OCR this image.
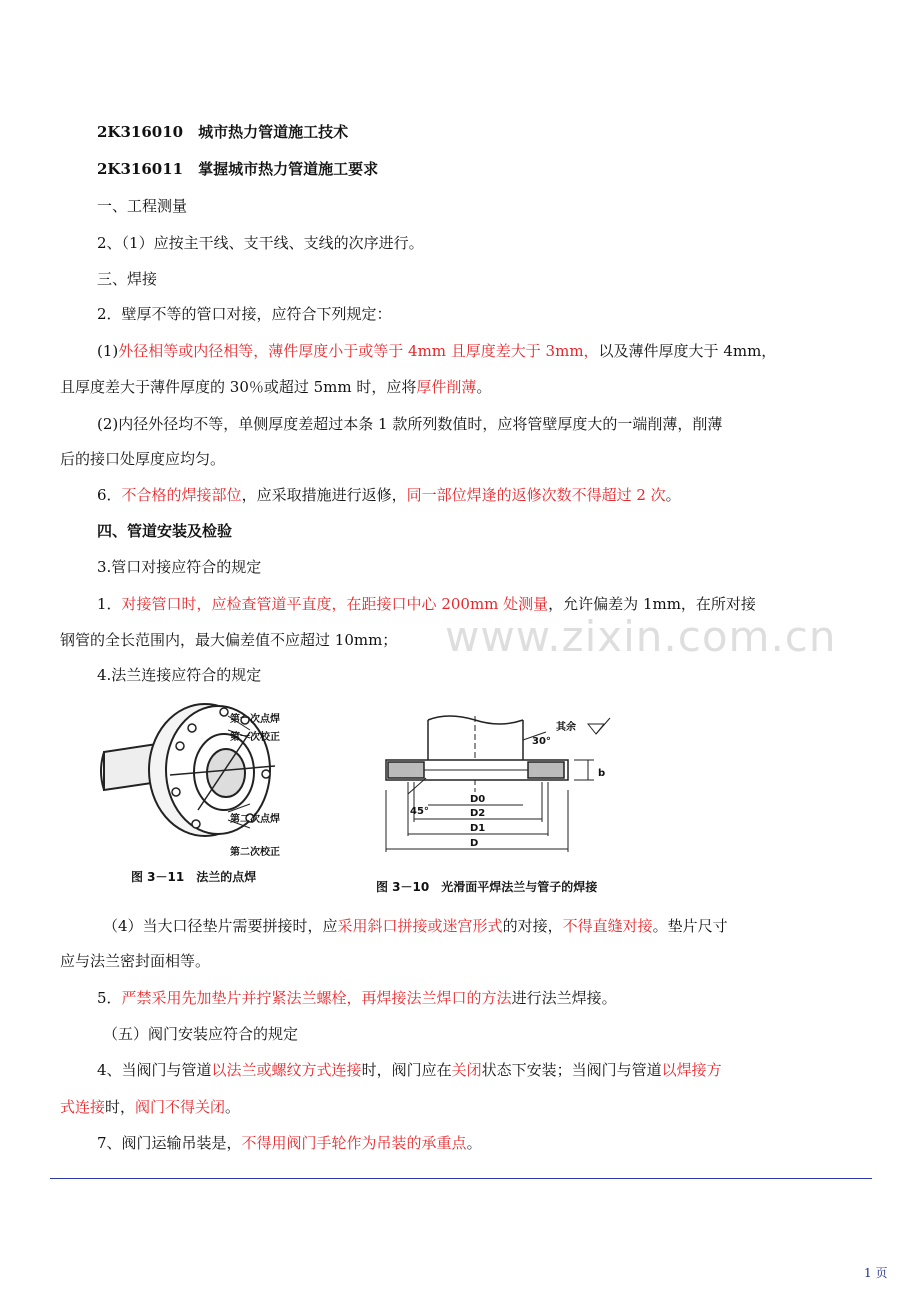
www.zixin.com.cn
2K316010　城市热力管道施工技术
2K316011　掌握城市热力管道施工要求
一、工程测量
2、（1）应按主干线、支干线、支线的次序进行。
三、焊接
2．壁厚不等的管口对接，应符合下列规定：
(1)外径相等或内径相等，薄件厚度小于或等于 4mm 且厚度差大于 3mm，以及薄件厚度大于 4mm，
且厚度差大于薄件厚度的 30％或超过 5mm 时，应将厚件削薄。
(2)内径外径均不等，单侧厚度差超过本条 1 款所列数值时，应将管壁厚度大的一端削薄，削薄
后的接口处厚度应均匀。
6．不合格的焊接部位，应采取措施进行返修，同一部位焊逢的返修次数不得超过 2 次。
四、管道安装及检验
3.管口对接应符合的规定
1．对接管口时，应检查管道平直度，在距接口中心 200mm 处测量，允许偏差为 1mm，在所对接
钢管的全长范围内，最大偏差值不应超过 10mm；
4.法兰连接应符合的规定
第一次点焊
第一次校正
第二次点焊
第二次校正
图 3－11　法兰的点焊
其余
30°
45°
D0
D2
D1
D
b
图 3－10　光滑面平焊法兰与管子的焊接
（4）当大口径垫片需要拼接时，应采用斜口拼接或迷宫形式的对接，不得直缝对接。垫片尺寸
应与法兰密封面相等。
5．严禁采用先加垫片并拧紧法兰螺栓，再焊接法兰焊口的方法进行法兰焊接。
（五）阀门安装应符合的规定
4、当阀门与管道以法兰或螺纹方式连接时，阀门应在关闭状态下安装；当阀门与管道以焊接方
式连接时，阀门不得关闭。
7、阀门运输吊装是，不得用阀门手轮作为吊装的承重点。
1 页
